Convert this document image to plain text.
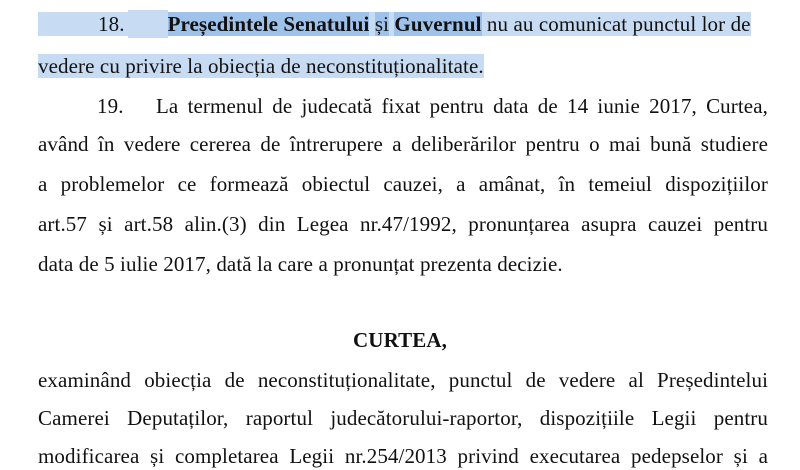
18. Președintele Senatului și Guvernul nu au comunicat punctul lor de
vedere cu privire la obiecția de neconstituționalitate.
19. La termenul de judecată fixat pentru data de 14 iunie 2017, Curtea,
având în vedere cererea de întrerupere a deliberărilor pentru o mai bună studiere
a problemelor ce formează obiectul cauzei, a amânat, în temeiul dispozițiilor
art.57 și art.58 alin.(3) din Legea nr.47/1992, pronunțarea asupra cauzei pentru
data de 5 iulie 2017, dată la care a pronunțat prezenta decizie.
CURTEA,
examinând obiecția de neconstituționalitate, punctul de vedere al Președintelui
Camerei Deputaților, raportul judecătorului-raportor, dispozițiile Legii pentru
modificarea și completarea Legii nr.254/2013 privind executarea pedepselor și a
